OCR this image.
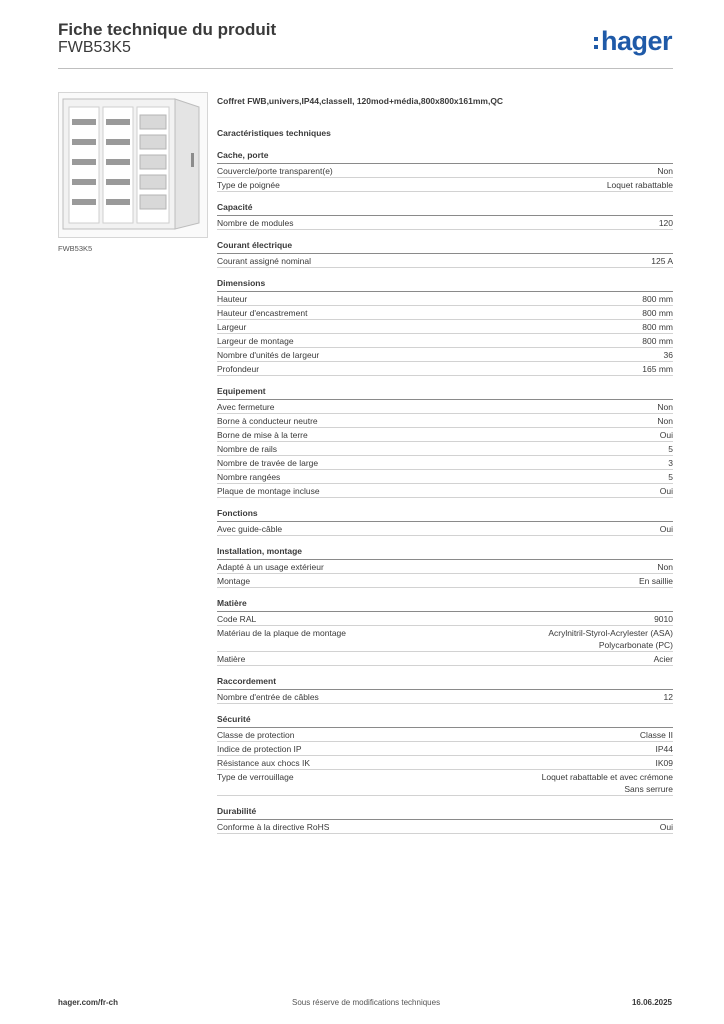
Fiche technique du produit
FWB53K5	hager
FWB53K5
Coffret FWB,univers,IP44,classeII, 120mod+média,800x800x161mm,QC
Caractéristiques techniques
Cache, porte
Couvercle/porte transparent(e)	Non
Type de poignée	Loquet rabattable
Capacité
Nombre de modules	120
Courant électrique
Courant assigné nominal	125 A
Dimensions
Hauteur	800 mm
Hauteur d'encastrement	800 mm
Largeur	800 mm
Largeur de montage	800 mm
Nombre d'unités de largeur	36
Profondeur	165 mm
Equipement
Avec fermeture	Non
Borne à conducteur neutre	Non
Borne de mise à la terre	Oui
Nombre de rails	5
Nombre de travée de large	3
Nombre rangées	5
Plaque de montage incluse	Oui
Fonctions
Avec guide-câble	Oui
Installation, montage
Adapté à un usage extérieur	Non
Montage	En saillie
Matière
Code RAL	9010
Matériau de la plaque de montage	Acrylnitril-Styrol-Acrylester (ASA)
Polycarbonate (PC)
Matière	Acier
Raccordement
Nombre d'entrée de câbles	12
Sécurité
Classe de protection	Classe II
Indice de protection IP	IP44
Résistance aux chocs IK	IK09
Type de verrouillage	Loquet rabattable et avec crémone
Sans serrure
Durabilité
Conforme à la directive RoHS	Oui
hager.com/fr-ch	Sous réserve de modifications techniques	16.06.2025
